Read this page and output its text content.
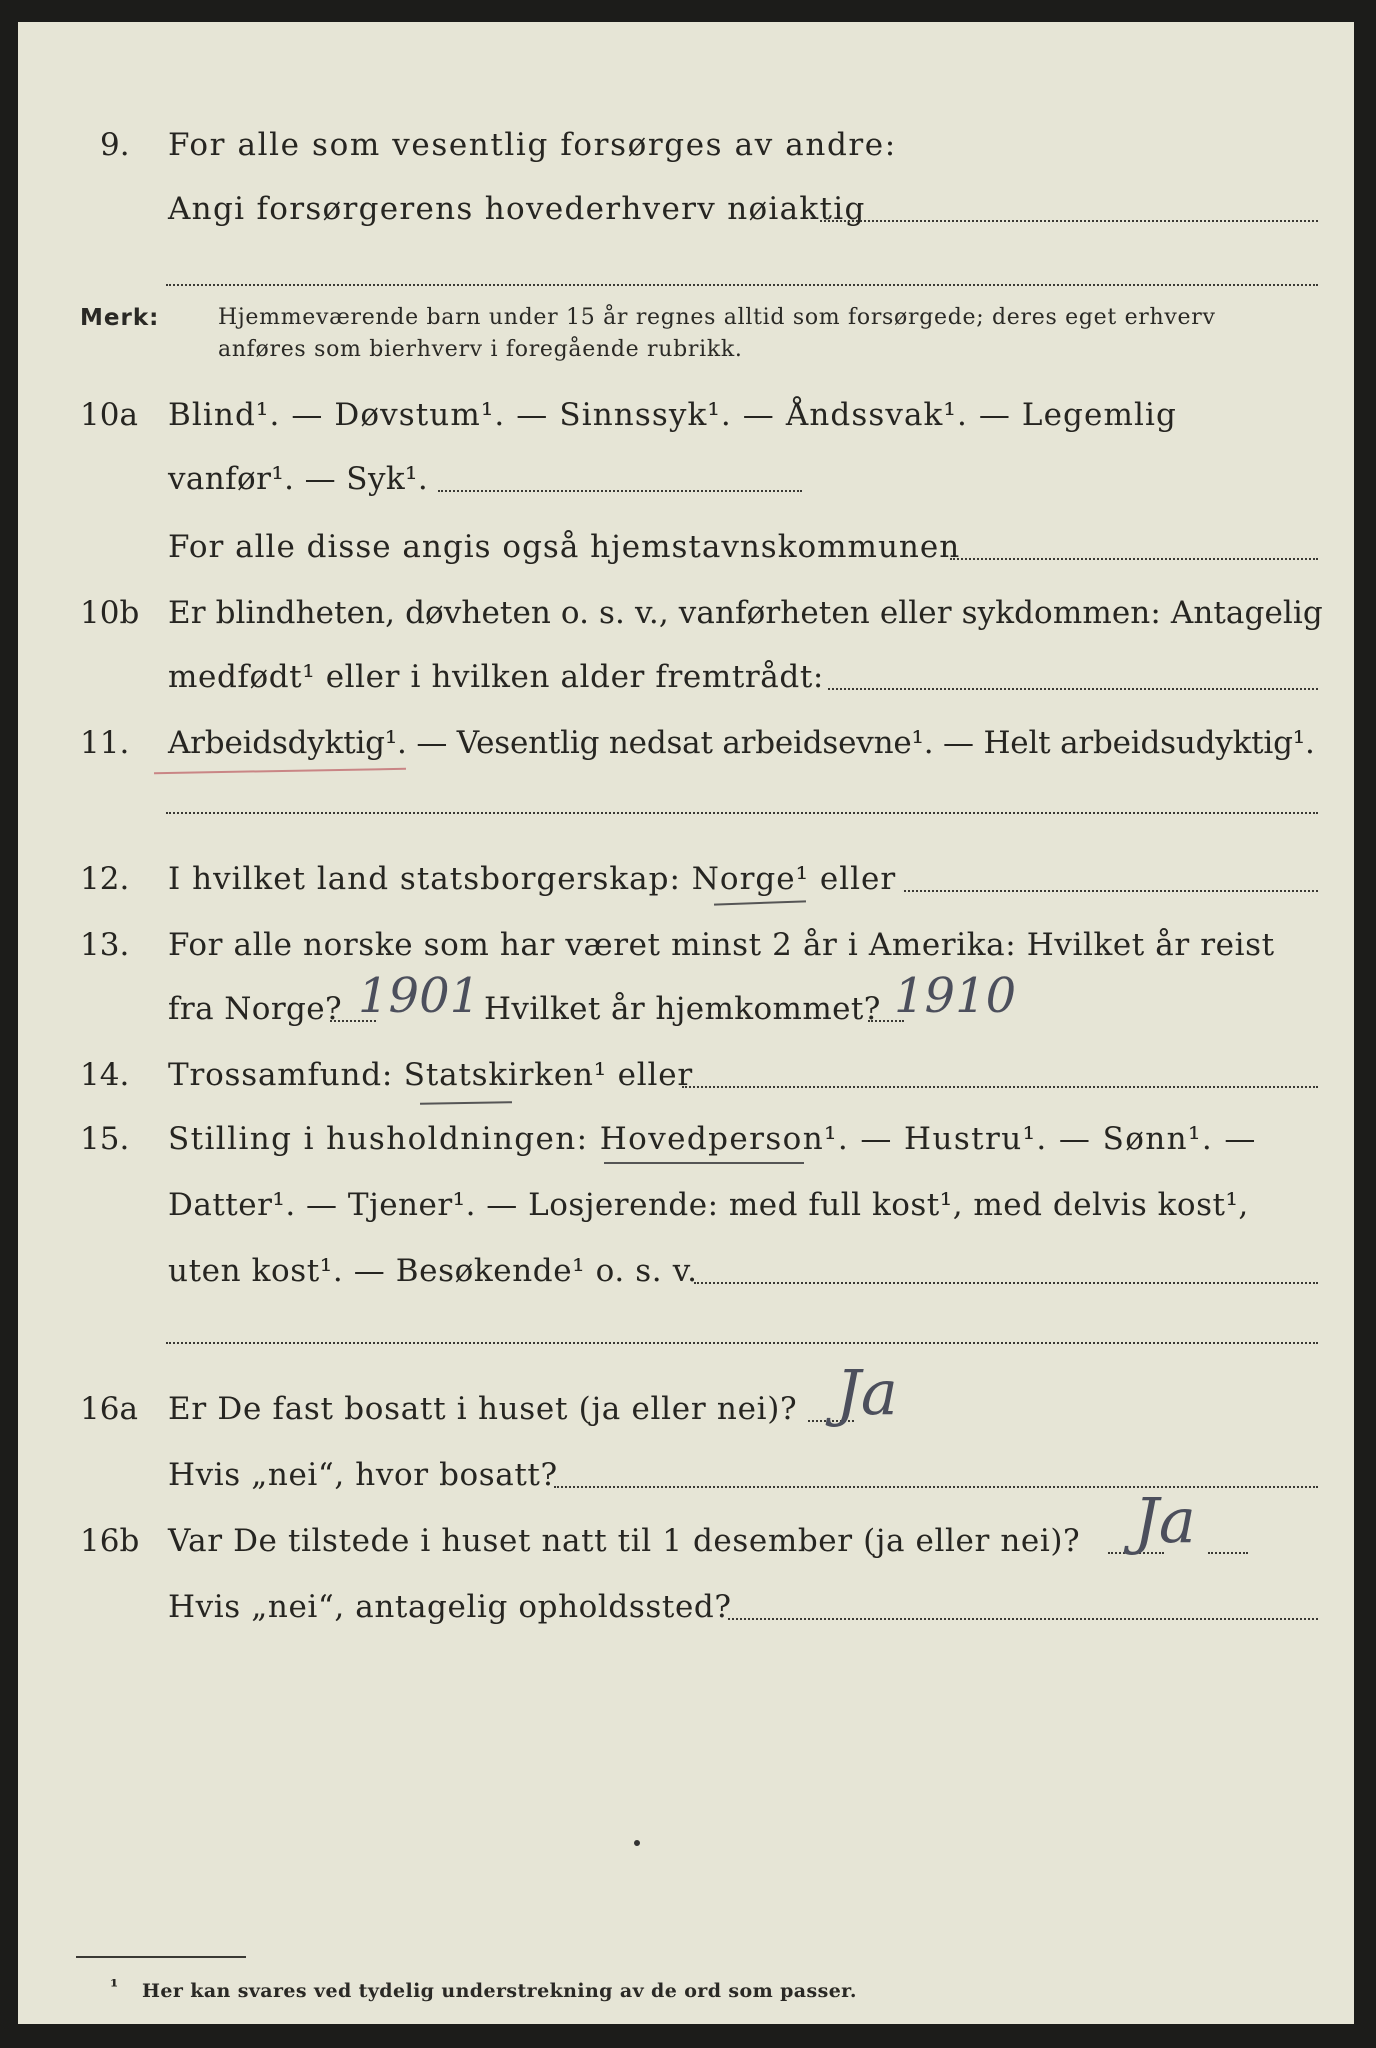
9. For alle som vesentlig forsørges av andre:
Angi forsørgerens hovederhverv nøiaktig
Merk:	Hjemmeværende barn under 15 år regnes alltid som forsørgede; deres eget erhverv
anføres som bierhverv i foregående rubrikk.
10a Blind¹. — Døvstum¹. — Sinnssyk¹. — Åndssvak¹. — Legemlig
vanfør¹. — Syk¹.
For alle disse angis også hjemstavnskommunen
10b Er blindheten, døvheten o. s. v., vanførheten eller sykdommen: Antagelig
medfødt¹ eller i hvilken alder fremtrådt:
11. Arbeidsdyktig¹. — Vesentlig nedsat arbeidsevne¹. — Helt arbeidsudyktig¹.
12. I hvilket land statsborgerskap: Norge¹ eller
13. For alle norske som har været minst 2 år i Amerika: Hvilket år reist
fra Norge? 1901 Hvilket år hjemkommet? 1910
14. Trossamfund: Statskirken¹ eller
15. Stilling i husholdningen: Hovedperson¹. — Hustru¹. — Sønn¹. —
Datter¹. — Tjener¹. — Losjerende: med full kost¹, med delvis kost¹,
uten kost¹. — Besøkende¹ o. s. v.
16a Er De fast bosatt i huset (ja eller nei)? Ja
Hvis „nei“, hvor bosatt?
16b Var De tilstede i huset natt til 1 desember (ja eller nei)? Ja
Hvis „nei“, antagelig opholdssted?
¹ Her kan svares ved tydelig understrekning av de ord som passer.
